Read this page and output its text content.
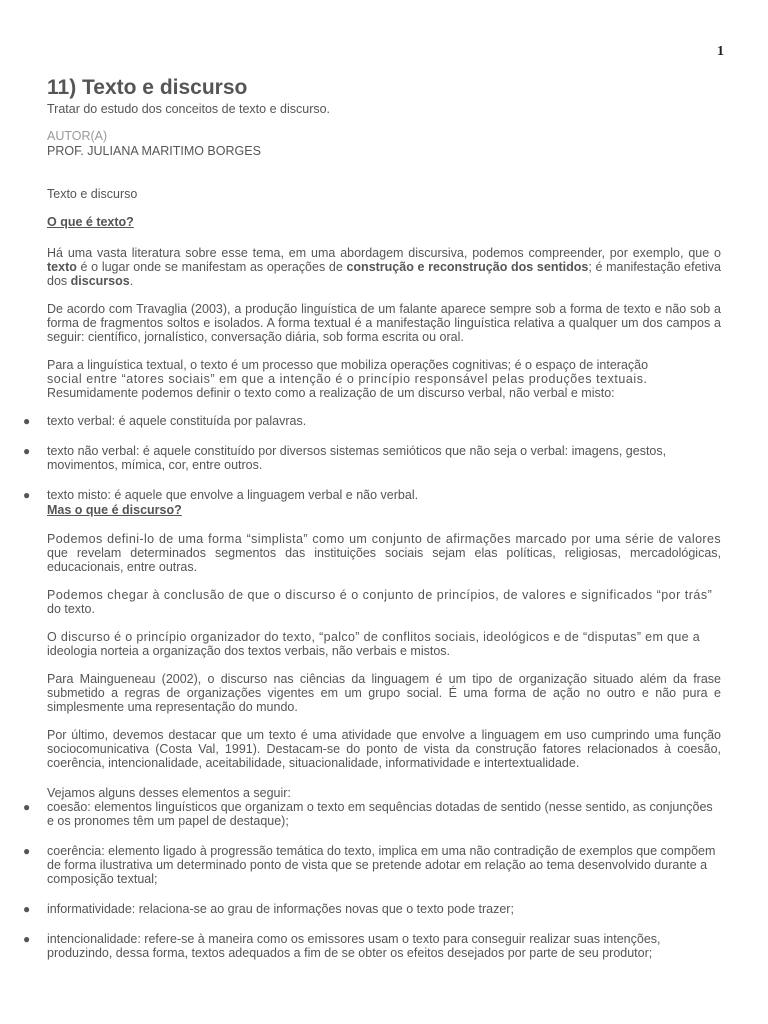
1
11) Texto e discurso
Tratar do estudo dos conceitos de texto e discurso.
AUTOR(A)
PROF. JULIANA MARITIMO BORGES
Texto e discurso
O que é texto?

Há uma vasta literatura sobre esse tema, em uma abordagem discursiva, podemos compreender, por exemplo, que o texto é o lugar onde se manifestam as operações de construção e reconstrução dos sentidos; é manifestação efetiva dos discursos.

De acordo com Travaglia (2003), a produção linguística de um falante aparece sempre sob a forma de texto e não sob a forma de fragmentos soltos e isolados. A forma textual é a manifestação linguística relativa a qualquer um dos campos a seguir: científico, jornalístico, conversação diária, sob forma escrita ou oral.

Para a linguística textual, o texto é um processo que mobiliza operações cognitivas; é o espaço de interação
social entre “atores sociais” em que a intenção é o princípio responsável pelas produções textuais.
Resumidamente podemos definir o texto como a realização de um discurso verbal, não verbal e misto:

● texto verbal: é aquele constituída por palavras.
● texto não verbal: é aquele constituído por diversos sistemas semióticos que não seja o verbal: imagens, gestos, movimentos, mímica, cor, entre outros.
● texto misto: é aquele que envolve a linguagem verbal e não verbal.
Mas o que é discurso?

Podemos defini-lo de uma forma “simplista” como um conjunto de afirmações marcado por uma série de valores que revelam determinados segmentos das instituições sociais sejam elas políticas, religiosas, mercadológicas, educacionais, entre outras.

Podemos chegar à conclusão de que o discurso é o conjunto de princípios, de valores e significados “por trás”
do texto.

O discurso é o princípio organizador do texto, “palco” de conflitos sociais, ideológicos e de “disputas” em que a
ideologia norteia a organização dos textos verbais, não verbais e mistos.

Para Maingueneau (2002), o discurso nas ciências da linguagem é um tipo de organização situado além da frase submetido a regras de organizações vigentes em um grupo social. É uma forma de ação no outro e não pura e simplesmente uma representação do mundo.

Por último, devemos destacar que um texto é uma atividade que envolve a linguagem em uso cumprindo uma função sociocomunicativa (Costa Val, 1991). Destacam-se do ponto de vista da construção fatores relacionados à coesão, coerência, intencionalidade, aceitabilidade, situacionalidade, informatividade e intertextualidade.

Vejamos alguns desses elementos a seguir:

● coesão: elementos linguísticos que organizam o texto em sequências dotadas de sentido (nesse sentido, as conjunções e os pronomes têm um papel de destaque);
● coerência: elemento ligado à progressão temática do texto, implica em uma não contradição de exemplos que compõem de forma ilustrativa um determinado ponto de vista que se pretende adotar em relação ao tema desenvolvido durante a composição textual;
● informatividade: relaciona-se ao grau de informações novas que o texto pode trazer;
● intencionalidade: refere-se à maneira como os emissores usam o texto para conseguir realizar suas intenções, produzindo, dessa forma, textos adequados a fim de se obter os efeitos desejados por parte de seu produtor;
